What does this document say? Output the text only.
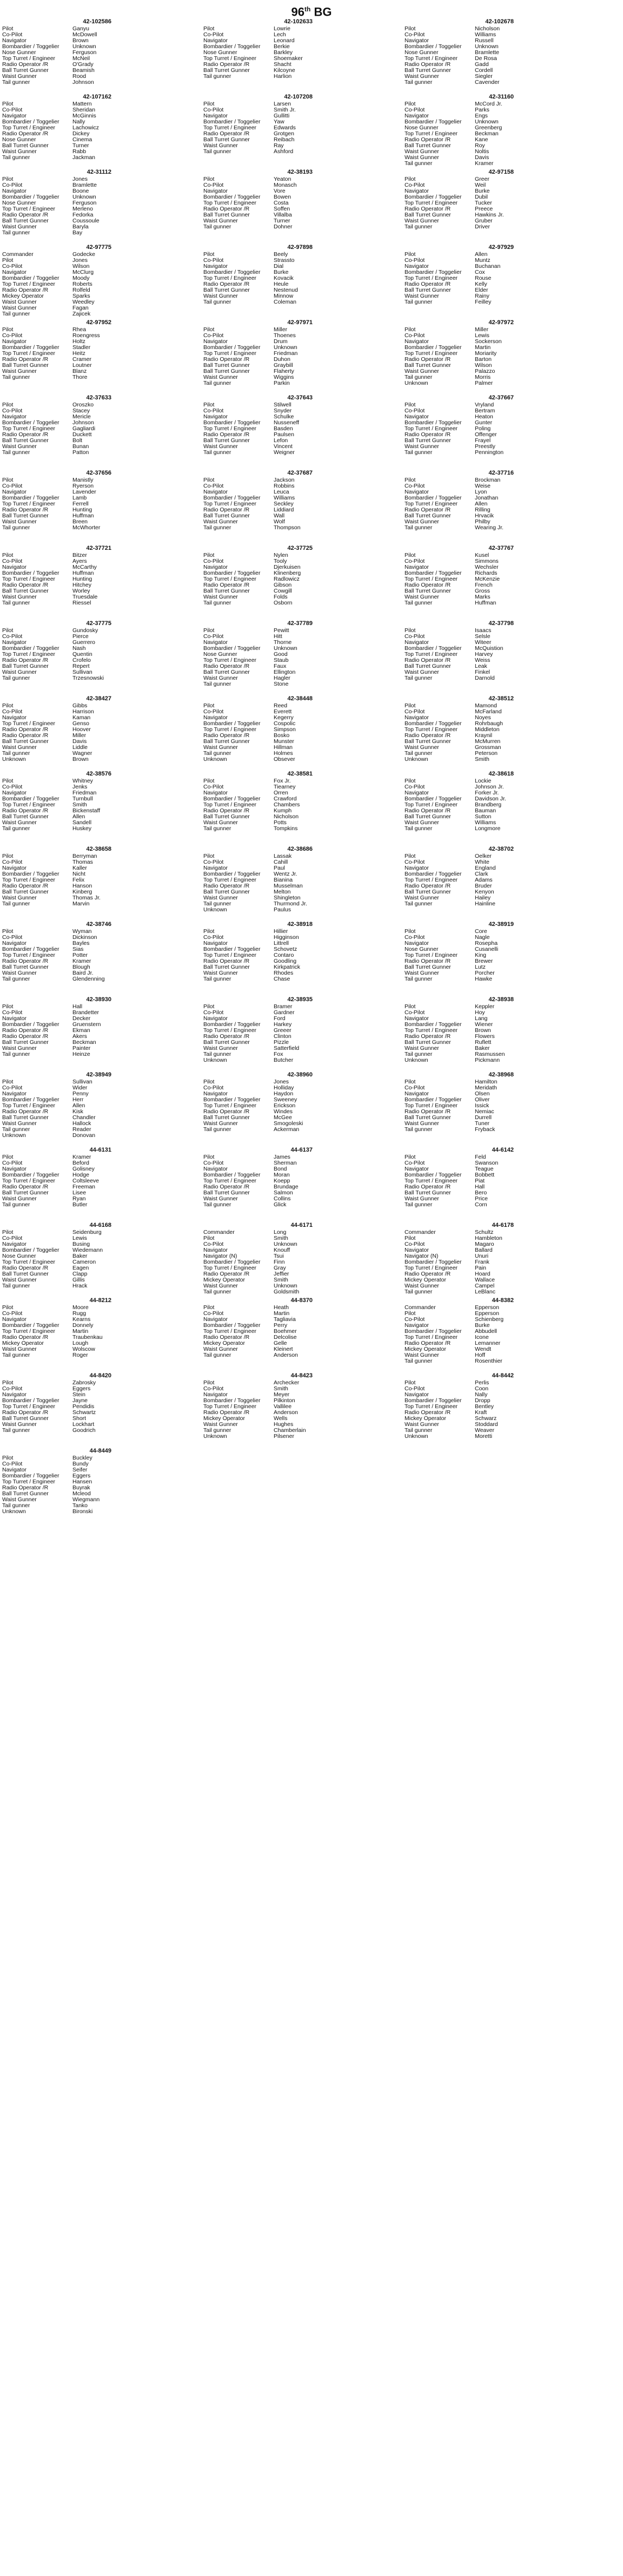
96th BG
42-102586
Pilot	Ganyu
Co-Pilot	McDowell
Navigator	Brown
Bombardier / Toggelier	Unknown
Nose Gunner	Ferguson
Top Turret / Engineer	McNeil
Radio Operator /R	O'Grady
Ball Turret Gunner	Beamish
Waist Gunner	Rood
Tail gunner	Johnson
42-102633
Pilot	Lowrie
Co-Pilot	Lech
Navigator	Leonard
Bombardier / Toggelier	Berkie
Nose Gunner	Barkley
Top Turret / Engineer	Shoemaker
Radio Operator /R	Shacht
Ball Turret Gunner	Kilcoyne
Tail gunner	Harlion
42-102678
Pilot	Nicholson
Co-Pilot	Williams
Navigator	Russell
Bombardier / Toggelier	Unknown
Nose Gunner	Bramlette
Top Turret / Engineer	De Rosa
Radio Operator /R	Gadd
Ball Turret Gunner	Cordell
Waist Gunner	Siegler
Tail gunner	Cavender
42-107162
Pilot	Mattern
Co-Pilot	Sheridan
Navigator	McGinnis
Bombardier / Toggelier	Nally
Top Turret / Engineer	Lachowicz
Radio Operator /R	Dickey
Nose Gunner	Cinema
Ball Turret Gunner	Turner
Waist Gunner	Rabb
Tail gunner	Jackman
42-107208
Pilot	Larsen
Co-Pilot	Smith Jr.
Navigator	Gullitti
Bombardier / Toggelier	Yaw
Top Turret / Engineer	Edwards
Radio Operator /R	Grotgen
Ball Turret Gunner	Reibach
Waist Gunner	Ray
Tail gunner	Ashford
42-31160
Pilot	McCord Jr.
Co-Pilot	Parks
Navigator	Engs
Bombardier / Toggelier	Unknown
Nose Gunner	Greenberg
Top Turret / Engineer	Beckman
Radio Operator /R	Kane
Ball Turret Gunner	Roy
Waist Gunner	Noltis
Waist Gunner	Davis
Tail gunner	Kramer
42-31112
Pilot	Jones
Co-Pilot	Bramlette
Navigator	Boone
Bombardier / Toggelier	Unknown
Nose Gunner	Ferguson
Top Turret / Engineer	Merleno
Radio Operator /R	Fedorka
Ball Turret Gunner	Coussoule
Waist Gunner	Baryla
Tail gunner	Bay
42-38193
Pilot	Yeaton
Co-Pilot	Monasch
Navigator	Vore
Bombardier / Toggelier	Bowen
Top Turret / Engineer	Costa
Radio Operator /R	Soffen
Ball Turret Gunner	Villalba
Waist Gunner	Turner
Tail gunner	Dohner
42-97158
Pilot	Greer
Co-Pilot	Weil
Navigator	Burke
Bombardier / Toggelier	Dubil
Top Turret / Engineer	Tucker
Radio Operator /R	Preece
Ball Turret Gunner	Hawkins Jr.
Waist Gunner	Gruber
Tail gunner	Driver
42-97775
Commander	Godecke
Pilot	Jones
Co-Pilot	Wilson
Navigator	McClurg
Bombardier / Toggelier	Moody
Top Turret / Engineer	Roberts
Radio Operator /R	Rolfeld
Mickey Operator	Sparks
Waist Gunner	Weedley
Waist Gunner	Fagan
Tail gunner	Zajicek
42-97898
Pilot	Beely
Co-Pilot	Strassto
Navigator	Dial
Bombardier / Toggelier	Burke
Top Turret / Engineer	Kovacik
Radio Operator /R	Heule
Ball Turret Gunner	Nestenud
Waist Gunner	Minnow
Tail gunner	Coleman
42-97929
Pilot	Allen
Co-Pilot	Muntz
Navigator	Buchanan
Bombardier / Toggelier	Cox
Top Turret / Engineer	Rouse
Radio Operator /R	Kelly
Ball Turret Gunner	Elder
Waist Gunner	Rainy
Tail gunner	Feilley
42-97952
Pilot	Rhea
Co-Pilot	Roengress
Navigator	Holtz
Bombardier / Toggelier	Stadler
Top Turret / Engineer	Heitz
Radio Operator /R	Cramer
Ball Turret Gunner	Loutner
Waist Gunner	Blanz
Tail gunner	Thore
42-97971
Pilot	Miller
Co-Pilot	Thoenes
Navigator	Drum
Bombardier / Toggelier	Unknown
Top Turret / Engineer	Friedman
Radio Operator /R	Duhon
Ball Turret Gunner	Graybill
Ball Turret Gunner	Flaherty
Waist Gunner	Wiggins
Tail gunner	Parkin
42-97972
Pilot	Miller
Co-Pilot	Lewis
Navigator	Sockerson
Bombardier / Toggelier	Martin
Top Turret / Engineer	Moriarity
Radio Operator /R	Barton
Ball Turret Gunner	Wilson
Waist Gunner	Palazzo
Tail gunner	Morris
Unknown	Palmer
42-37633
Pilot	Oroszko
Co-Pilot	Stacey
Navigator	Mericle
Bombardier / Toggelier	Johnson
Top Turret / Engineer	Gagliardi
Radio Operator /R	Duckett
Ball Turret Gunner	Bolt
Waist Gunner	Bunan
Tail gunner	Patton
42-37643
Pilot	Stilwell
Co-Pilot	Snyder
Navigator	Schulke
Bombardier / Toggelier	Nusseneff
Top Turret / Engineer	Basden
Radio Operator /R	Paulsen
Ball Turret Gunner	Lefon
Waist Gunner	Vincent
Tail gunner	Weigner
42-37667
Pilot	Vryland
Co-Pilot	Bertram
Navigator	Heaton
Bombardier / Toggelier	Gunter
Top Turret / Engineer	Poling
Radio Operator /R	Offenger
Ball Turret Gunner	Frayel
Waist Gunner	Preestly
Tail gunner	Pennington
42-37656
Pilot	Manistly
Co-Pilot	Ryerson
Navigator	Lavender
Bombardier / Toggelier	Lamb
Top Turret / Engineer	Ferrell
Radio Operator /R	Hunting
Ball Turret Gunner	Huffman
Waist Gunner	Breen
Tail gunner	McWhorter
42-37687
Pilot	Jackson
Co-Pilot	Robbins
Navigator	Leuca
Bombardier / Toggelier	Williams
Top Turret / Engineer	Seckley
Radio Operator /R	Liddiard
Ball Turret Gunner	Wall
Waist Gunner	Wolf
Tail gunner	Thompson
42-37716
Pilot	Brockman
Co-Pilot	Weise
Navigator	Lyon
Bombardier / Toggelier	Jonathan
Top Turret / Engineer	Allen
Radio Operator /R	Rilling
Ball Turret Gunner	Hrvacik
Waist Gunner	Philby
Tail gunner	Wearing Jr.
42-37721
Pilot	Bitzer
Co-Pilot	Ayers
Navigator	McCarthy
Bombardier / Toggelier	Huffman
Top Turret / Engineer	Hunting
Radio Operator /R	Hitchey
Ball Turret Gunner	Worley
Waist Gunner	Truesdale
Tail gunner	Riessel
42-37725
Pilot	Nylen
Co-Pilot	Tooly
Navigator	Djerkuisen
Bombardier / Toggelier	Klinenberg
Top Turret / Engineer	Radlowicz
Radio Operator /R	Gibson
Ball Turret Gunner	Cowgill
Waist Gunner	Folds
Tail gunner	Osborn
42-37767
Pilot	Kusel
Co-Pilot	Simmons
Navigator	Wechsler
Bombardier / Toggelier	Richards
Top Turret / Engineer	McKenzie
Radio Operator /R	French
Ball Turret Gunner	Gross
Waist Gunner	Marks
Tail gunner	Huffman
42-37775
Pilot	Gundosky
Co-Pilot	Pierce
Navigator	Guerrero
Bombardier / Toggelier	Nash
Top Turret / Engineer	Quentin
Radio Operator /R	Crofelo
Ball Turret Gunner	Repert
Waist Gunner	Sullivan
Tail gunner	Trzesnowski
42-37789
Pilot	Pewitt
Co-Pilot	Hitt
Navigator	Thorne
Bombardier / Toggelier	Unknown
Nose Gunner	Good
Top Turret / Engineer	Staub
Radio Operator /R	Faux
Ball Turret Gunner	Ellington
Waist Gunner	Hagler
Tail gunner	Stone
42-37798
Pilot	Isaacs
Co-Pilot	Selsle
Navigator	Witeer
Bombardier / Toggelier	McQuistion
Top Turret / Engineer	Harvey
Radio Operator /R	Weiss
Ball Turret Gunner	Leak
Waist Gunner	Finkel
Tail gunner	Darnold
42-38427
Pilot	Gibbs
Co-Pilot	Harrison
Navigator	Kaman
Top Turret / Engineer	Genso
Radio Operator /R	Hoover
Radio Operator /R	Miller
Ball Turret Gunner	Davis
Waist Gunner	Liddle
Tail gunner	Wagner
Unknown	Brown
42-38448
Pilot	Reed
Co-Pilot	Everett
Navigator	Kegerry
Bombardier / Toggelier	Cospolic
Top Turret / Engineer	Simpson
Radio Operator /R	Bosko
Ball Turret Gunner	Munster
Waist Gunner	Hillman
Tail gunner	Holmes
Unknown	Obsever
42-38512
Pilot	Mamond
Co-Pilot	McFarland
Navigator	Noyes
Bombardier / Toggelier	Rohrbaugh
Top Turret / Engineer	Middleton
Radio Operator /R	Kraynil
Ball Turret Gunner	McMurren
Waist Gunner	Grossman
Tail gunner	Peterson
Unknown	Smith
42-38576
Pilot	Whitney
Co-Pilot	Jenks
Navigator	Friedman
Bombardier / Toggelier	Turnbull
Top Turret / Engineer	Smith
Radio Operator /R	Bickenstaff
Ball Turret Gunner	Allen
Waist Gunner	Sandell
Tail gunner	Huskey
42-38581
Pilot	Fox Jr.
Co-Pilot	Tiearney
Navigator	Orren
Bombardier / Toggelier	Crawford
Top Turret / Engineer	Chambers
Radio Operator /R	Kumph
Ball Turret Gunner	Nicholson
Waist Gunner	Potts
Tail gunner	Tompkins
42-38618
Pilot	Lockie
Co-Pilot	Johnson Jr.
Navigator	Forker Jr.
Bombardier / Toggelier	Davidson Jr.
Top Turret / Engineer	Brandberg
Radio Operator /R	Bauman
Ball Turret Gunner	Sutton
Waist Gunner	Williams
Tail gunner	Longmore
42-38658
Pilot	Berryman
Co-Pilot	Thomas
Navigator	Kaller
Bombardier / Toggelier	Nicht
Top Turret / Engineer	Felix
Radio Operator /R	Hanson
Ball Turret Gunner	Kinberg
Waist Gunner	Thomas Jr.
Tail gunner	Marvin
42-38686
Pilot	Lassak
Co-Pilot	Cahill
Navigator	Paul
Bombardier / Toggelier	Wentz Jr.
Top Turret / Engineer	Bianina
Radio Operator /R	Musselman
Ball Turret Gunner	Melton
Waist Gunner	Shingleton
Tail gunner	Thurmond Jr.
Unknown	Paulus
42-38702
Pilot	Oelker
Co-Pilot	White
Navigator	England
Bombardier / Toggelier	Clark
Top Turret / Engineer	Adams
Radio Operator /R	Bruder
Ball Turret Gunner	Kenyon
Waist Gunner	Hailey
Tail gunner	Hainline
42-38746
Pilot	Wyman
Co-Pilot	Dickinson
Navigator	Bayles
Bombardier / Toggelier	Sias
Top Turret / Engineer	Potter
Radio Operator /R	Kramer
Ball Turret Gunner	Blough
Waist Gunner	Baird Jr.
Tail gunner	Glendenning
42-38918
Pilot	Hillier
Co-Pilot	Higginson
Navigator	Littrell
Bombardier / Toggelier	Schovetz
Top Turret / Engineer	Contaro
Radio Operator /R	Goodling
Ball Turret Gunner	Kirkpatrick
Waist Gunner	Rhodes
Tail gunner	Chase
42-38919
Pilot	Core
Co-Pilot	Nagle
Navigator	Rosepha
Nose Gunner	Cusanelli
Top Turret / Engineer	King
Radio Operator /R	Brewer
Ball Turret Gunner	Lutz
Waist Gunner	Porcher
Tail gunner	Hawke
42-38930
Pilot	Hall
Co-Pilot	Brandetter
Navigator	Decker
Bombardier / Toggelier	Gruenstern
Radio Operator /R	Ekman
Radio Operator /R	Akers
Ball Turret Gunner	Beckman
Waist Gunner	Painter
Tail gunner	Heinze
42-38935
Pilot	Bramer
Co-Pilot	Gardner
Navigator	Ford
Bombardier / Toggelier	Harkey
Top Turret / Engineer	Greeer
Radio Operator /R	Clinton
Ball Turret Gunner	Pizzle
Waist Gunner	Satterfield
Tail gunner	Fox
Unknown	Butcher
42-38938
Pilot	Keppler
Co-Pilot	Hoy
Navigator	Lang
Bombardier / Toggelier	Wiener
Top Turret / Engineer	Brown
Radio Operator /R	Flowers
Ball Turret Gunner	Ruflett
Waist Gunner	Baker
Tail gunner	Rasmussen
Unknown	Pickmann
42-38949
Pilot	Sullivan
Co-Pilot	Wider
Navigator	Penny
Bombardier / Toggelier	Herr
Top Turret / Engineer	Allen
Radio Operator /R	Kisk
Ball Turret Gunner	Chandler
Waist Gunner	Hallock
Tail gunner	Reader
Unknown	Donovan
42-38960
Pilot	Jones
Co-Pilot	Holliday
Navigator	Haydon
Bombardier / Toggelier	Sweeney
Top Turret / Engineer	Erickson
Radio Operator /R	Windes
Ball Turret Gunner	McGee
Waist Gunner	Smogoleski
Tail gunner	Ackerman
42-38968
Pilot	Hamilton
Co-Pilot	Meridath
Navigator	Olsen
Bombardier / Toggelier	Oliver
Top Turret / Engineer	Issick
Radio Operator /R	Nemiac
Ball Turret Gunner	Durrell
Waist Gunner	Tuner
Tail gunner	Fryback
44-6131
Pilot	Kramer
Co-Pilot	Beford
Navigator	Golisney
Bombardier / Toggelier	Hodge
Top Turret / Engineer	Coltsleeve
Radio Operator /R	Freeman
Ball Turret Gunner	Lisee
Waist Gunner	Ryan
Tail gunner	Butler
44-6137
Pilot	James
Co-Pilot	Sherman
Navigator	Bond
Bombardier / Toggelier	Moran
Top Turret / Engineer	Koepp
Radio Operator /R	Brundage
Ball Turret Gunner	Salmon
Waist Gunner	Collins
Tail gunner	Glick
44-6142
Pilot	Feld
Co-Pilot	Swanson
Navigator	Teague
Bombardier / Toggelier	Bobbett
Top Turret / Engineer	Piat
Radio Operator /R	Hall
Ball Turret Gunner	Bero
Waist Gunner	Price
Tail gunner	Corn
44-6168
Pilot	Seidenburg
Co-Pilot	Lewis
Navigator	Busing
Bombardier / Toggelier	Wiedemann
Nose Gunner	Baker
Top Turret / Engineer	Cameron
Radio Operator /R	Eagen
Ball Turret Gunner	Clapp
Waist Gunner	Gillis
Tail gunner	Hrack
44-6171
Commander	Long
Pilot	Smith
Co-Pilot	Unknown
Navigator	Knouff
Navigator (N)	Tsui
Bombardier / Toggelier	Finn
Top Turret / Engineer	Gray
Radio Operator /R	Jeffier
Mickey Operator	Smith
Waist Gunner	Unknown
Tail gunner	Goldsmith
44-6178
Commander	Schultz
Pilot	Hambleton
Co-Pilot	Magaro
Navigator	Ballard
Navigator (N)	Unuri
Bombardier / Toggelier	Frank
Top Turret / Engineer	Pain
Radio Operator /R	Hoard
Mickey Operator	Wallace
Waist Gunner	Campel
Tail gunner	LeBlanc
44-8212
Pilot	Moore
Co-Pilot	Rugg
Navigator	Kearns
Bombardier / Toggelier	Donnely
Top Turret / Engineer	Martin
Radio Operator /R	Traubenkau
Mickey Operator	Lough
Waist Gunner	Wolscow
Tail gunner	Roger
44-8370
Pilot	Heath
Co-Pilot	Martin
Navigator	Tagliavia
Bombardier / Toggelier	Perry
Top Turret / Engineer	Boehmer
Radio Operator /R	Delcolise
Mickey Operator	Gelle
Waist Gunner	Kleinert
Tail gunner	Anderson
44-8382
Commander	Epperson
Pilot	Epperson
Co-Pilot	Schienberg
Navigator	Burke
Bombardier / Toggelier	Abbudell
Top Turret / Engineer	Icone
Radio Operator /R	Lemanner
Mickey Operator	Wendt
Waist Gunner	Hoff
Tail gunner	Rosenthier
44-8420
Pilot	Zabrosky
Co-Pilot	Eggers
Navigator	Stein
Bombardier / Toggelier	Jayne
Top Turret / Engineer	Pendidis
Radio Operator /R	Schwartz
Ball Turret Gunner	Short
Waist Gunner	Lockhart
Tail gunner	Goodrich
44-8423
Pilot	Archecker
Co-Pilot	Smith
Navigator	Meyer
Bombardier / Toggelier	Pilkinton
Top Turret / Engineer	Vallilee
Radio Operator /R	Anderson
Mickey Operator	Wells
Waist Gunner	Hughes
Tail gunner	Chamberlain
Unknown	Pilsener
44-8442
Pilot	Perlis
Co-Pilot	Coon
Navigator	Nally
Bombardier / Toggelier	Dropp
Top Turret / Engineer	Bentley
Radio Operator /R	Kraft
Mickey Operator	Schwarz
Waist Gunner	Stoddard
Tail gunner	Weaver
Unknown	Moretti
44-8449
Pilot	Buckley
Co-Pilot	Bundy
Navigator	Seifer
Bombardier / Toggelier	Eggers
Top Turret / Engineer	Hansen
Radio Operator /R	Buyrak
Ball Turret Gunner	Mcleod
Waist Gunner	Wiegmann
Tail gunner	Tanko
Unknown	Bironski
